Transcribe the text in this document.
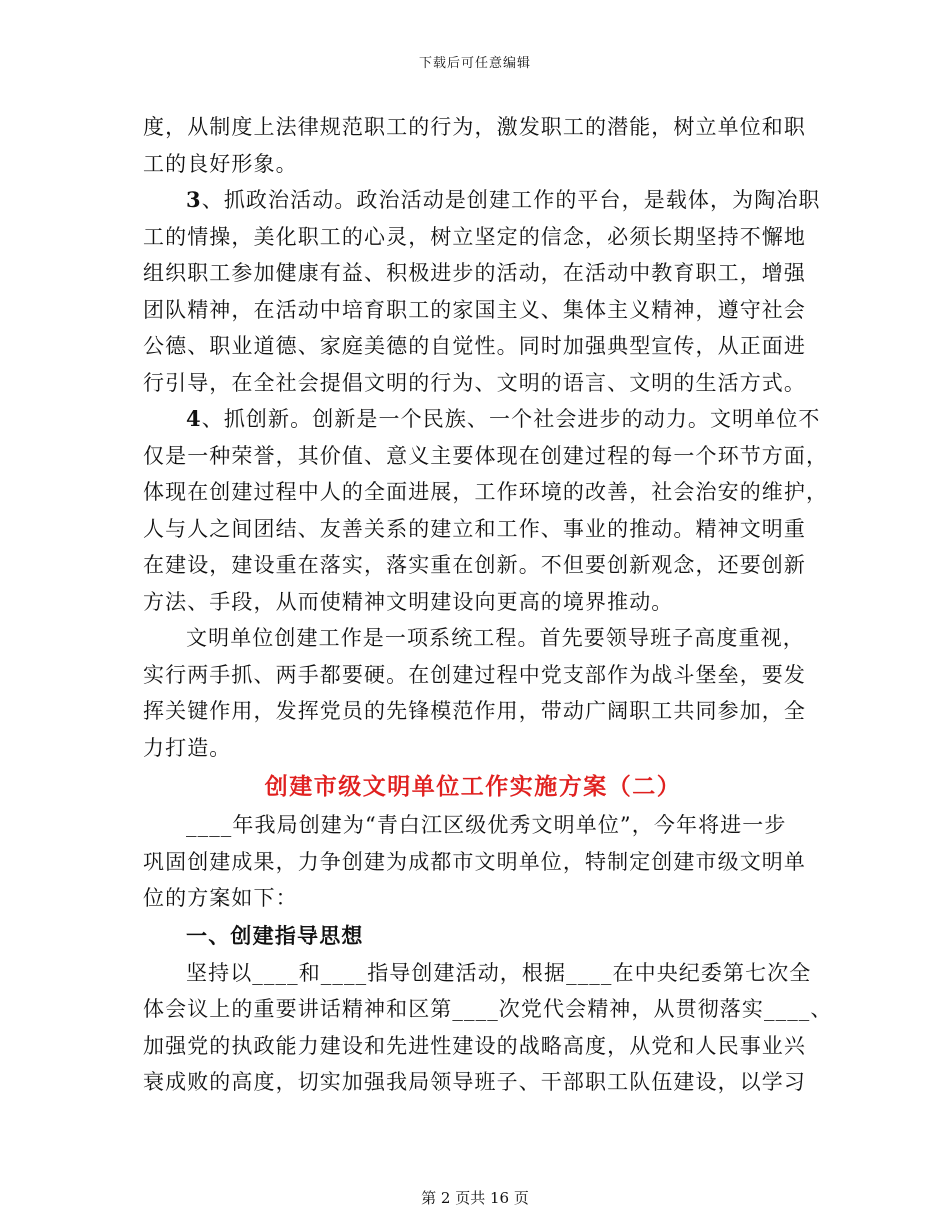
下载后可任意编辑
度，从制度上法律规范职工的行为，激发职工的潜能，树立单位和职
工的良好形象。
3、抓政治活动。政治活动是创建工作的平台，是载体，为陶冶职
工的情操，美化职工的心灵，树立坚定的信念，必须长期坚持不懈地
组织职工参加健康有益、积极进步的活动，在活动中教育职工，增强
团队精神，在活动中培育职工的家国主义、集体主义精神，遵守社会
公德、职业道德、家庭美德的自觉性。同时加强典型宣传，从正面进
行引导，在全社会提倡文明的行为、文明的语言、文明的生活方式。
4、抓创新。创新是一个民族、一个社会进步的动力。文明单位不
仅是一种荣誉，其价值、意义主要体现在创建过程的每一个环节方面，
体现在创建过程中人的全面进展，工作环境的改善，社会治安的维护，
人与人之间团结、友善关系的建立和工作、事业的推动。精神文明重
在建设，建设重在落实，落实重在创新。不但要创新观念，还要创新
方法、手段，从而使精神文明建设向更高的境界推动。
文明单位创建工作是一项系统工程。首先要领导班子高度重视，
实行两手抓、两手都要硬。在创建过程中党支部作为战斗堡垒，要发
挥关键作用，发挥党员的先锋模范作用，带动广阔职工共同参加，全
力打造。
创建市级文明单位工作实施方案（二）
____年我局创建为“青白江区级优秀文明单位”，今年将进一步
巩固创建成果，力争创建为成都市文明单位，特制定创建市级文明单
位的方案如下：
一、创建指导思想
坚持以____和____指导创建活动，根据____在中央纪委第七次全
体会议上的重要讲话精神和区第____次党代会精神，从贯彻落实____、
加强党的执政能力建设和先进性建设的战略高度，从党和人民事业兴
衰成败的高度，切实加强我局领导班子、干部职工队伍建设，以学习
第 2 页共 16 页
